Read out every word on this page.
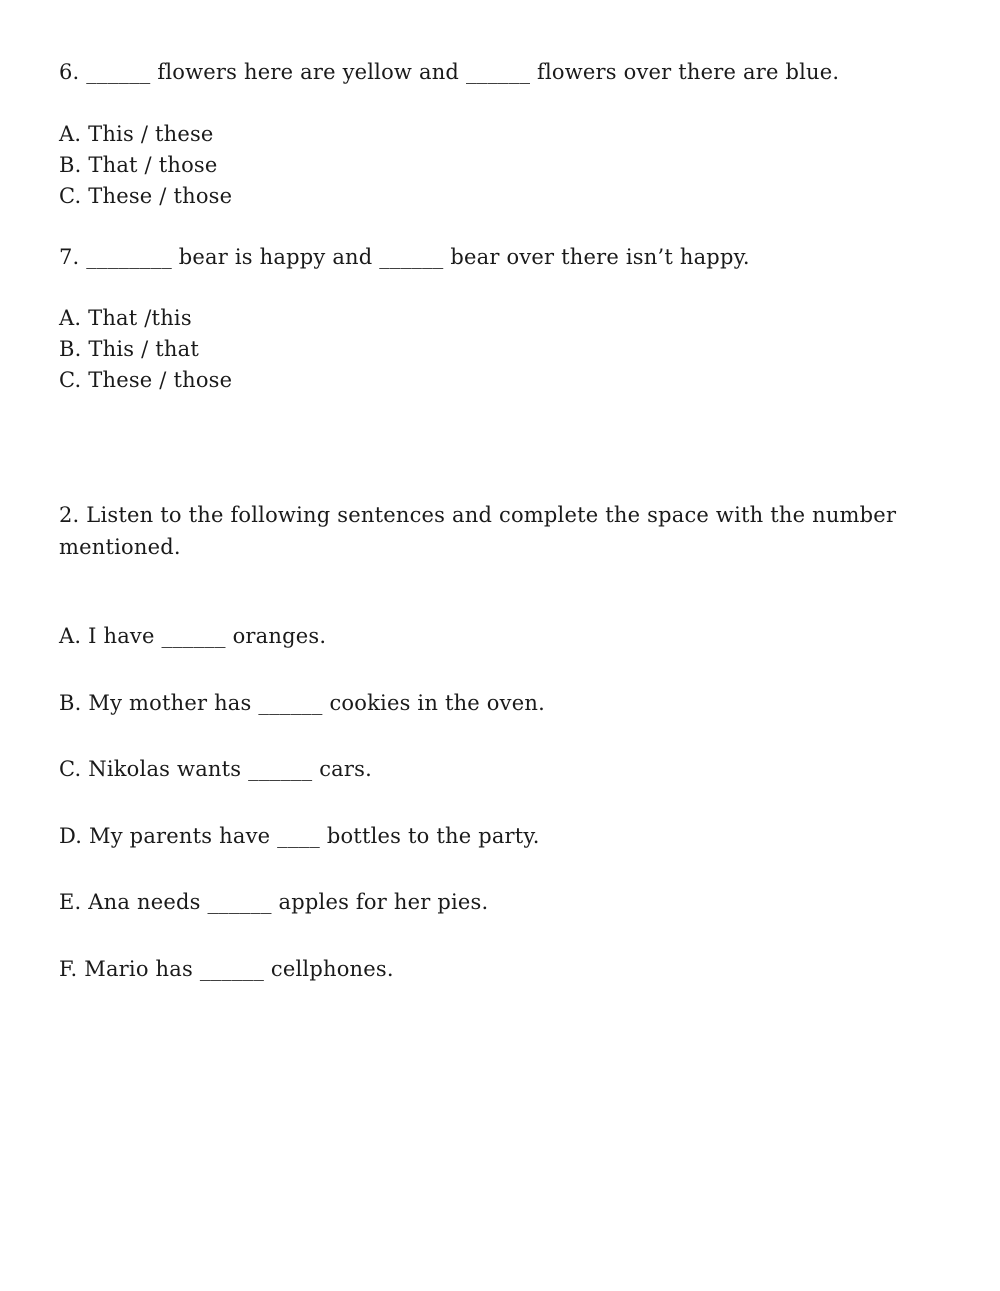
6. ______ flowers here are yellow and ______ flowers over there are blue.
A. This / these
B. That / those
C. These / those
7. ________ bear is happy and ______ bear over there isn’t happy.
A. That /this
B. This / that
C. These / those
2. Listen to the following sentences and complete the space with the number mentioned.
A. I have ______ oranges.
B. My mother has ______ cookies in the oven.
C. Nikolas wants ______ cars.
D. My parents have ____ bottles to the party.
E. Ana needs ______ apples for her pies.
F. Mario has ______ cellphones.
